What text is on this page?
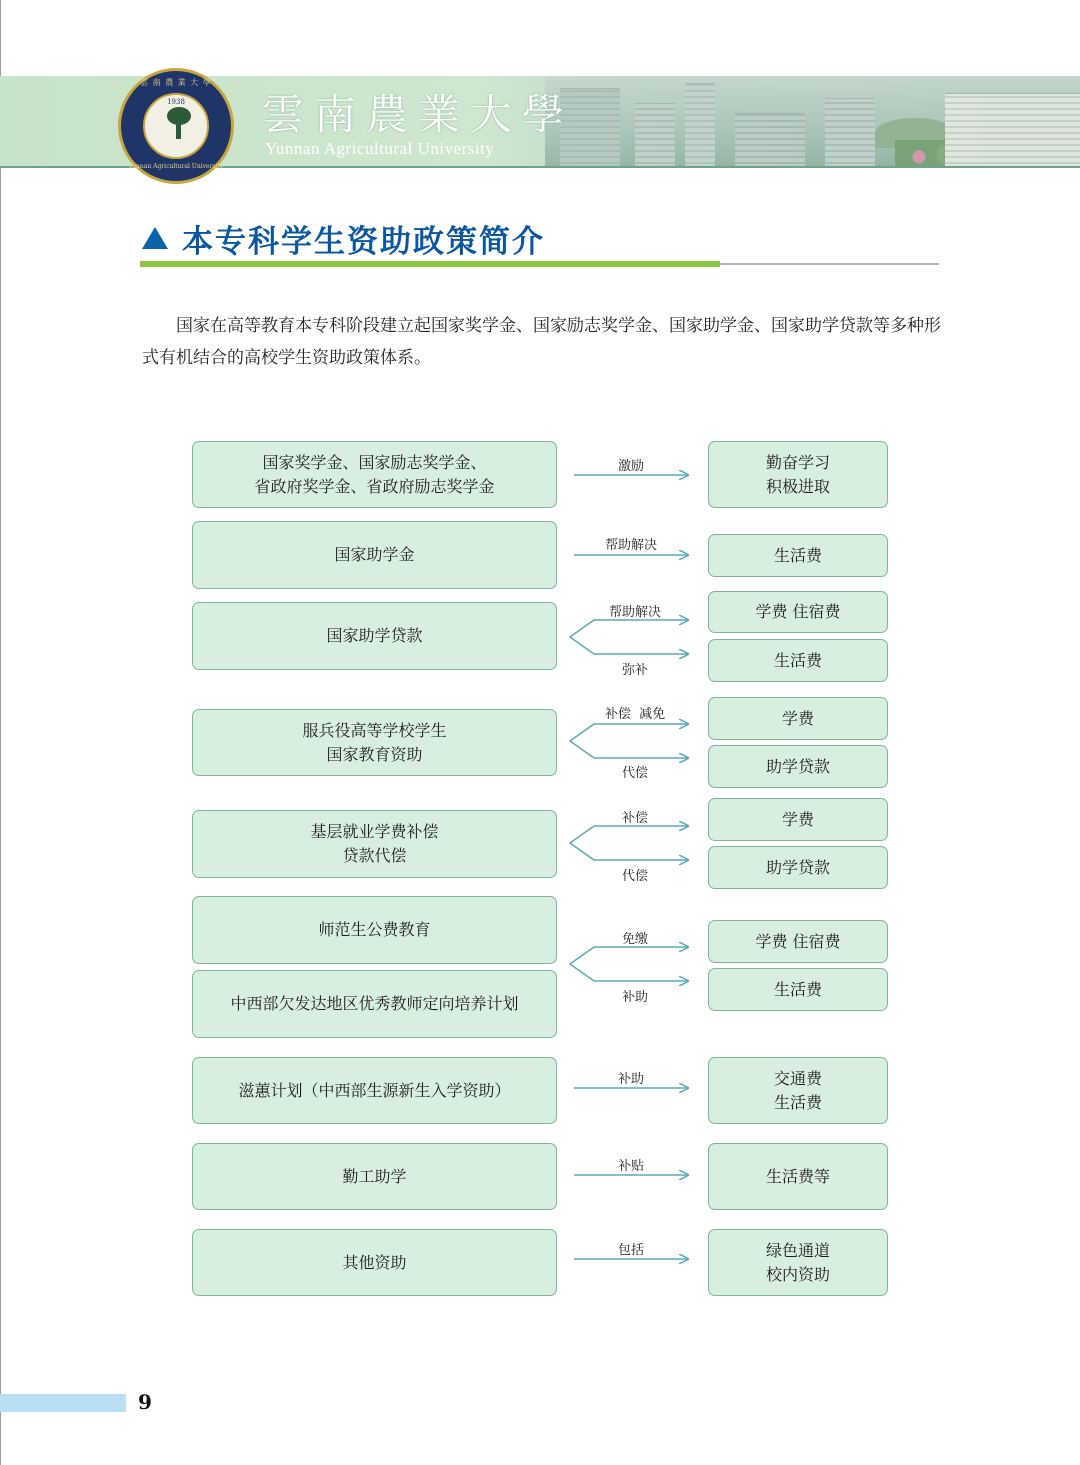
雲 南 農 業 大 學
1938
Yunnan Agricultural University
雲南農業大學
Yunnan Agricultural University
本专科学生资助政策简介

国家在高等教育本专科阶段建立起国家奖学金、国家励志奖学金、国家助学金、国家助学贷款等多种形式有机结合的高校学生资助政策体系。

国家奖学金、国家励志奖学金、
省政府奖学金、省政府励志奖学金
国家助学金
国家助学贷款
服兵役高等学校学生
国家教育资助
基层就业学费补偿
贷款代偿
师范生公费教育
中西部欠发达地区优秀教师定向培养计划
滋蕙计划（中西部生源新生入学资助）
勤工助学
其他资助
勤奋学习
积极进取
生活费
学费 住宿费
生活费
学费
助学贷款
学费
助学贷款
学费 住宿费
生活费
交通费
生活费
生活费等
绿色通道
校内资助
激励
帮助解决
帮助解决
弥补
补偿  减免
代偿
补偿
代偿
免缴
补助
补助
补贴
包括
9
